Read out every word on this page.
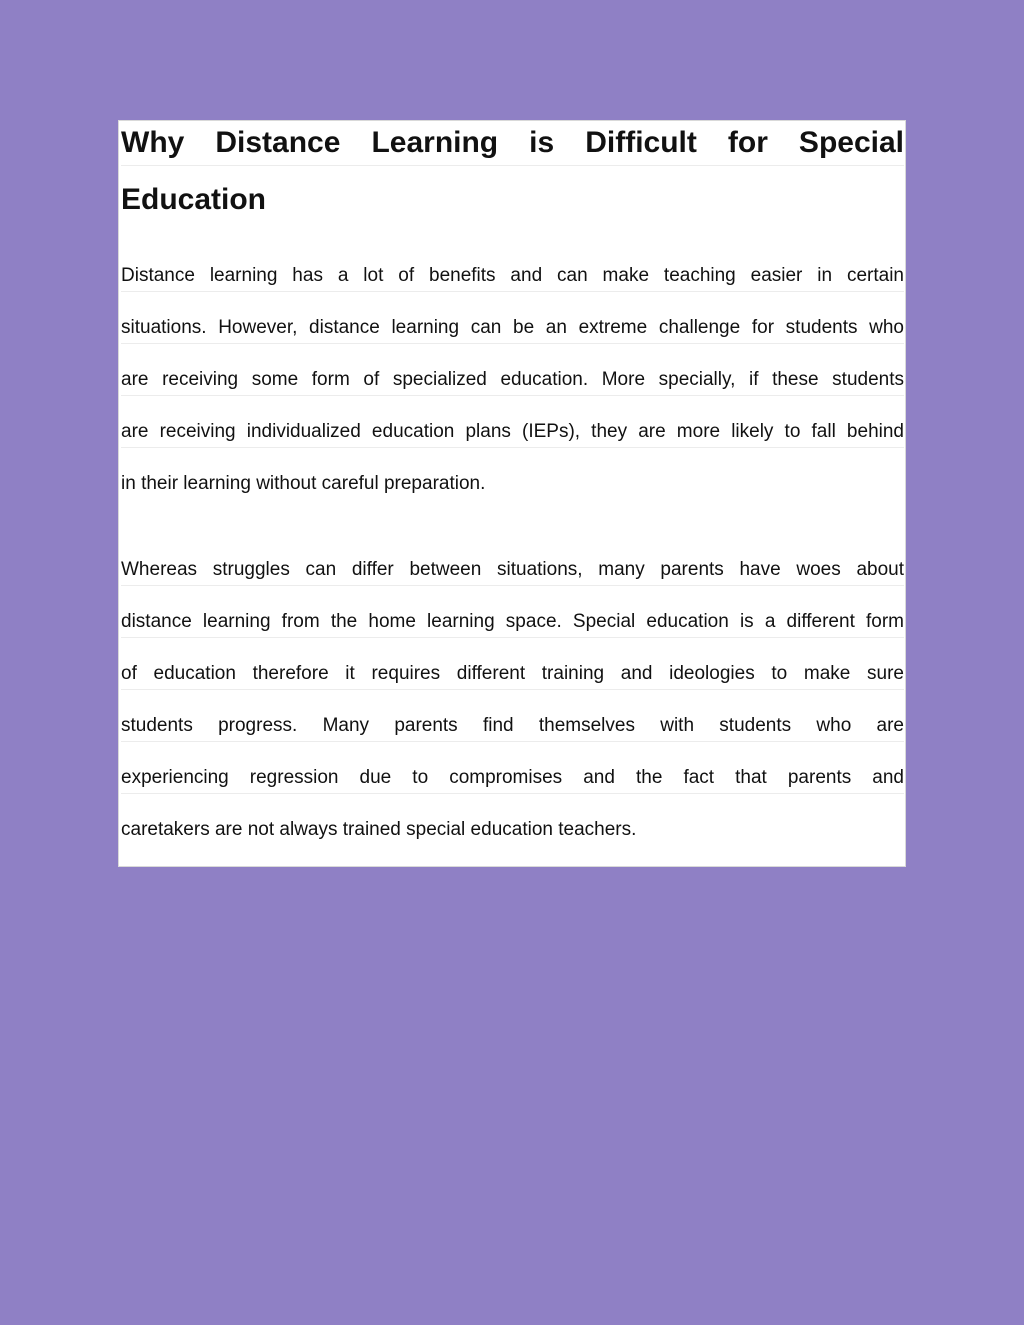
Why Distance Learning is Difficult for Special
Education
Distance learning has a lot of benefits and can make teaching easier in certain
situations. However, distance learning can be an extreme challenge for students who
are receiving some form of specialized education. More specially, if these students
are receiving individualized education plans (IEPs), they are more likely to fall behind
in their learning without careful preparation.
Whereas struggles can differ between situations, many parents have woes about
distance learning from the home learning space. Special education is a different form
of education therefore it requires different training and ideologies to make sure
students progress. Many parents find themselves with students who are
experiencing regression due to compromises and the fact that parents and
caretakers are not always trained special education teachers.
